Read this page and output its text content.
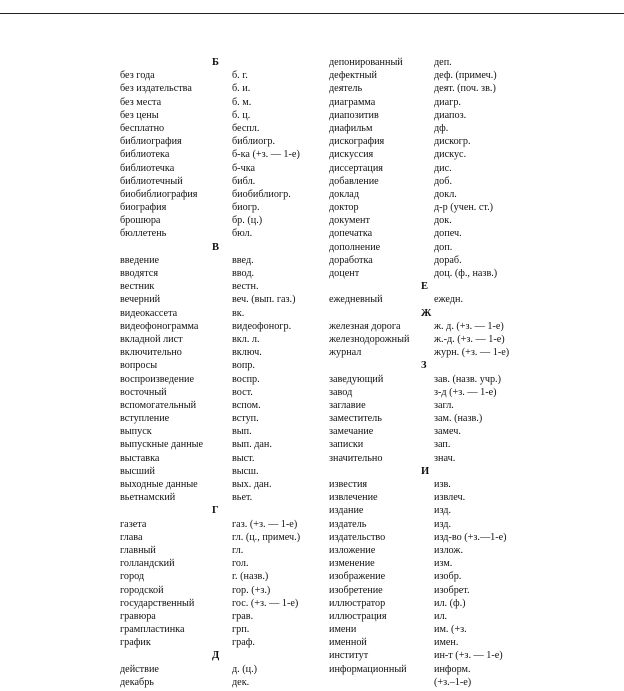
Б
без года	б. г.
без издательства	б. и.
без места	б. м.
без цены	б. ц.
бесплатно	беспл.
библиография	библиогр.
библиотека	б-ка (+з. — 1-е)
библиотечка	б-чка
библиотечный	библ.
биобиблиография	биобиблиогр.
биография	биогр.
брошюра	бр. (ц.)
бюллетень	бюл.
В
введение	введ.
вводятся	ввод.
вестник	вестн.
вечерний	веч. (вып. газ.)
видеокассета	вк.
видеофонограмма	видеофоногр.
вкладной лист	вкл. л.
включительно	включ.
вопросы	вопр.
воспроизведение	воспр.
восточный	вост.
вспомогательный	вспом.
вступление	вступ.
выпуск	вып.
выпускные данные	вып. дан.
выставка	выст.
высший	высш.
выходные данные	вых. дан.
вьетнамский	вьет.
Г
газета	газ. (+з. — 1-е)
глава	гл. (ц., примеч.)
главный	гл.
голландский	гол.
город	г. (назв.)
городской	гор. (+з.)
государственный	гос. (+з. — 1-е)
гравюра	грав.
грампластинка	грп.
график	граф.
Д
действие	д. (ц.)
декабрь	дек.
депонированный	деп.
дефектный	деф. (примеч.)
деятель	деят. (поч. зв.)
диаграмма	диагр.
диапозитив	диапоз.
диафильм	дф.
дискография	дискогр.
дискуссия	дискус.
диссертация	дис.
добавление	доб.
доклад	докл.
доктор	д-р (учен. ст.)
документ	док.
допечатка	допеч.
дополнение	доп.
доработка	дораб.
доцент	доц. (ф., назв.)
Е
ежедневный	ежедн.
Ж
железная дорога	ж. д. (+з. — 1-е)
железнодорожный ж.-д. (+з. — 1-е)
журнал	журн. (+з. — 1-е)
З
заведующий	зав. (назв. учр.)
завод	з-д (+з. — 1-е)
заглавие	загл.
заместитель	зам. (назв.)
замечание	замеч.
записки	зап.
значительно	знач.
И
известия	изв.
извлечение	извлеч.
издание	изд.
издатель	изд.
издательство	изд-во (+з.—1-е)
изложение	излож.
изменение	изм.
изображение	изобр.
изобретение	изобрет.
иллюстратор	ил. (ф.)
иллюстрация	ил.
имени	им. (+з.
именной	имен.
институт	ин-т (+з. — 1-е)
информационный	информ.
(+з.–1-е)
